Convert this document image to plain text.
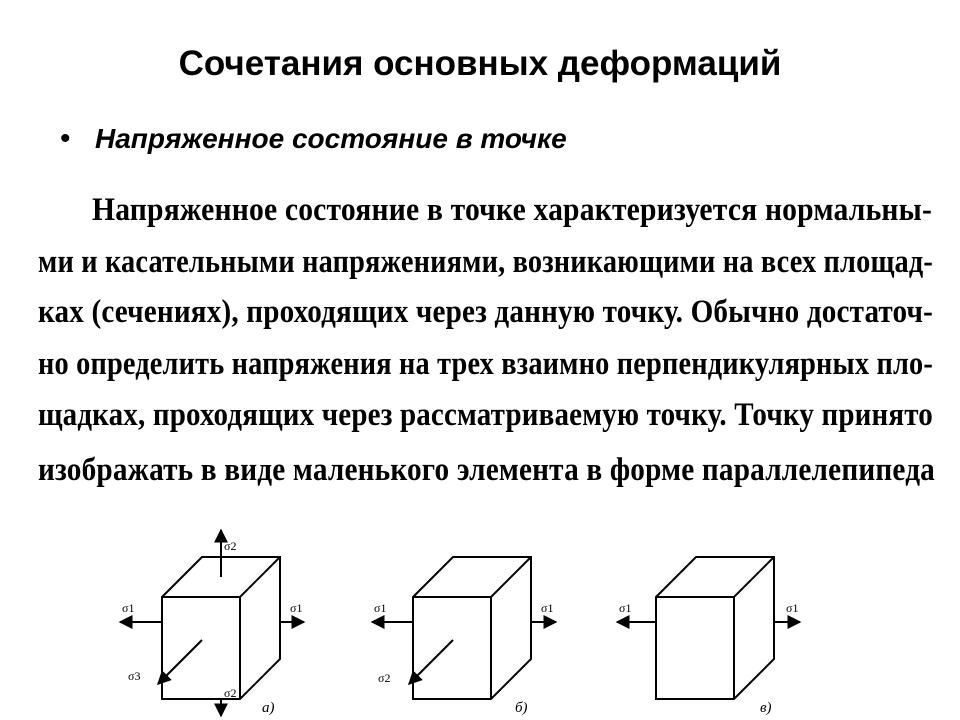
Сочетания основных деформаций
• Напряженное состояние в точке
Напряженное состояние в точке характеризуется нормальны-
ми и касательными напряжениями, возникающими на всех площад-
ках (сечениях), проходящих через данную точку. Обычно достаточ-
но определить напряжения на трех взаимно перпендикулярных пло-
щадках, проходящих через рассматриваемую точку. Точку принято
изображать в виде маленького элемента в форме параллелепипеда
σ2
σ1	σ1
σ3
σ2
а)
σ1	σ1
σ2
б)
σ1	σ1
в)
